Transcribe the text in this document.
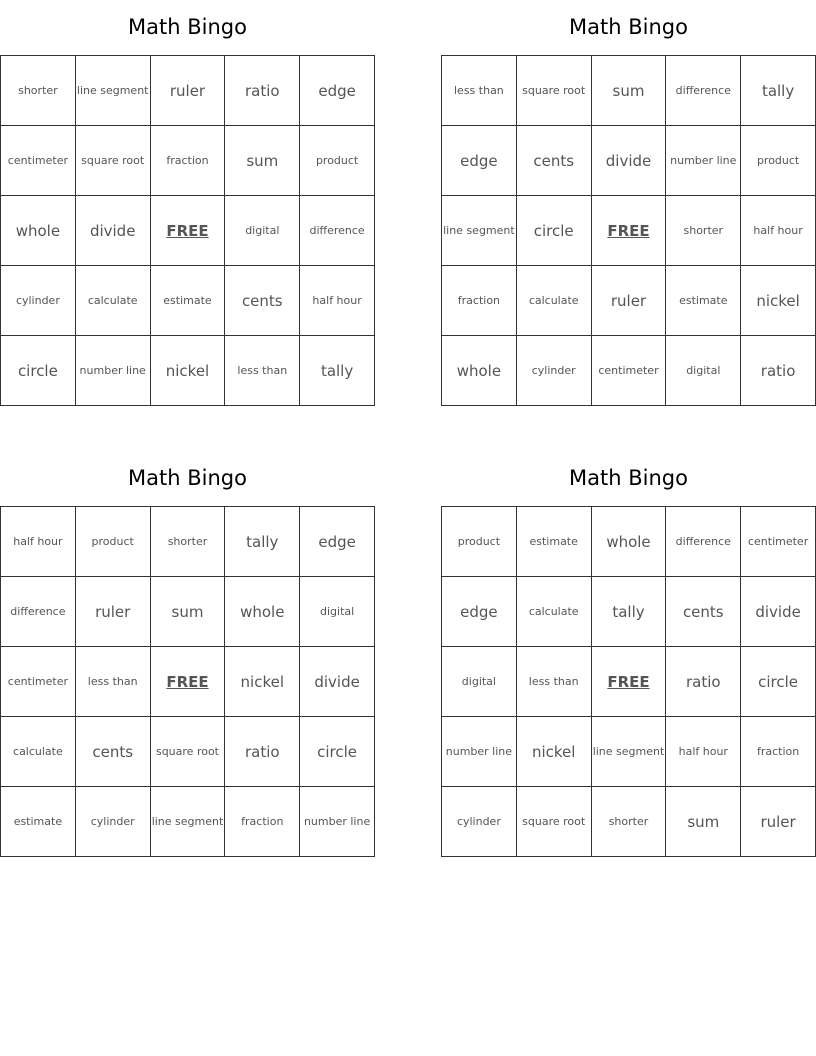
Math Bingo
shorter	line segment	ruler	ratio	edge
centimeter	square root	fraction	sum	product
whole	divide	FREE	digital	difference
cylinder	calculate	estimate	cents	half hour
circle	number line	nickel	less than	tally
Math Bingo
less than	square root	sum	difference	tally
edge	cents	divide	number line	product
line segment	circle	FREE	shorter	half hour
fraction	calculate	ruler	estimate	nickel
whole	cylinder	centimeter	digital	ratio
Math Bingo
half hour	product	shorter	tally	edge
difference	ruler	sum	whole	digital
centimeter	less than	FREE	nickel	divide
calculate	cents	square root	ratio	circle
estimate	cylinder	line segment	fraction	number line
Math Bingo
product	estimate	whole	difference	centimeter
edge	calculate	tally	cents	divide
digital	less than	FREE	ratio	circle
number line	nickel	line segment	half hour	fraction
cylinder	square root	shorter	sum	ruler
